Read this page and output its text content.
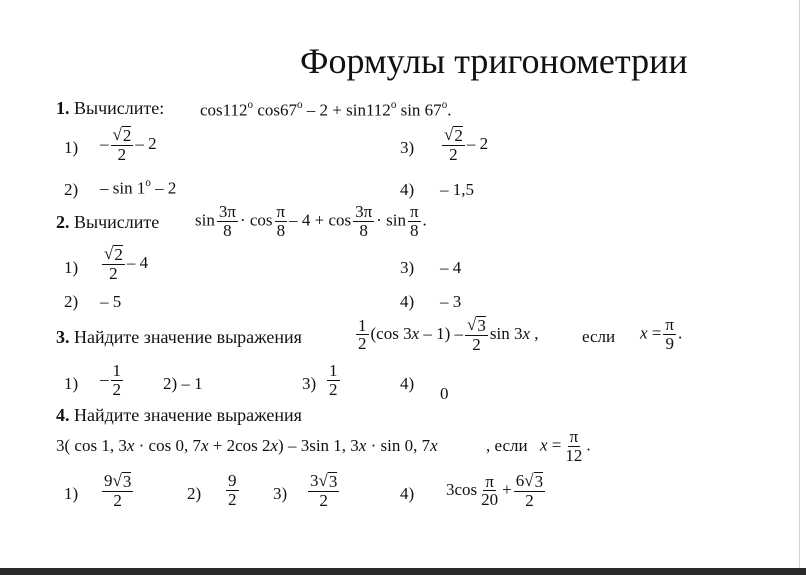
Формулы тригонометрии
1. Вычислите: cos112$^o$ $\cos 67^o - 2 + \sin 112^o$ sin 67$^o$.
$1) - \frac{√ 2}{2} - 2$	$3) \frac{√ 2}{2} - 2$
2) – sin 1$^o$ – 2	4) – 1,5
2. Вычислите $\sin \frac{3\pi}{8} \cdot \cos \frac{\pi}{8} - 4 + \cos \frac{3\pi}{8} \cdot \sin \frac{\pi}{8}$ .
$1) \frac{√ 2}{2} - 4$	3) – 4
2) – 5	4) – 3
3. Найдите значение выражения	$\frac{1}{2} (\cos$ $3x - 1) - \frac{√ 3}{2}$ sin 3x ,	если $x = \frac{\pi}{9}$ .
$1) - \frac{1}{2} 2) - 1$	$3) \frac{1}{2}$	4)
0
4. Найдите значение выражения
3( cos 1, 3x · cos 0, 7x + 2cos 2x) – 3sin 1, 3x · sin 0, 7x	, если $x = \frac{\pi}{12}$ .
$1) \frac{9 √ 3}{2}$	$2) \frac{9}{2} 3) \frac{3 √ 3}{2}$	4) $3\cos \frac{\pi}{20} + \frac{6 √ 3}{2}$
